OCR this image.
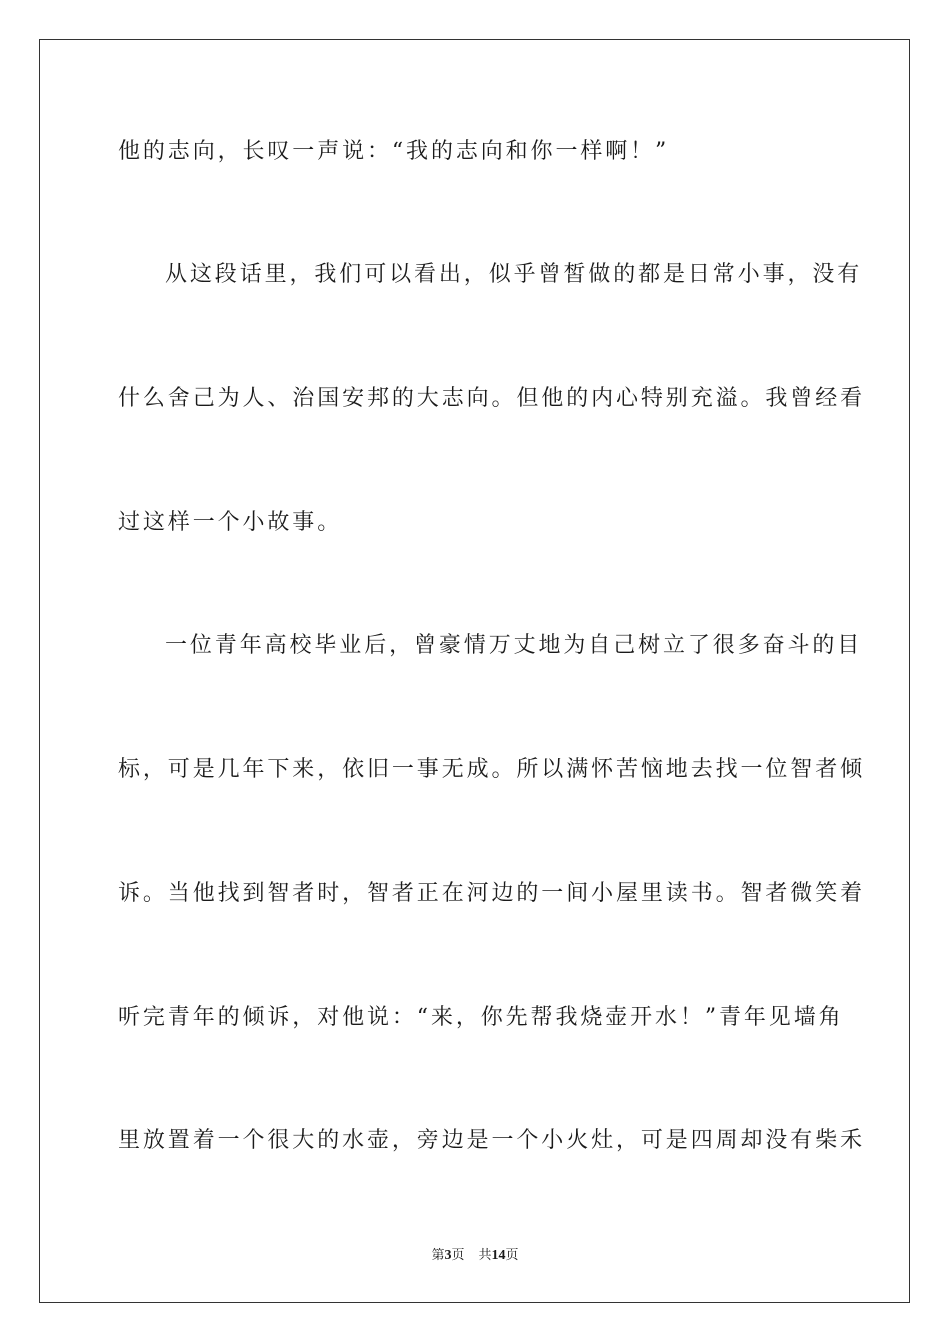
他的志向，长叹一声说：“我的志向和你一样啊！”
从这段话里，我们可以看出，似乎曾皙做的都是日常小事，没有
什么舍己为人、治国安邦的大志向。但他的内心特别充溢。我曾经看
过这样一个小故事。
一位青年高校毕业后，曾豪情万丈地为自己树立了很多奋斗的目
标，可是几年下来，依旧一事无成。所以满怀苦恼地去找一位智者倾
诉。当他找到智者时，智者正在河边的一间小屋里读书。智者微笑着
听完青年的倾诉，对他说：“来，你先帮我烧壶开水！”青年见墙角
里放置着一个很大的水壶，旁边是一个小火灶，可是四周却没有柴禾
第3页 共14页
